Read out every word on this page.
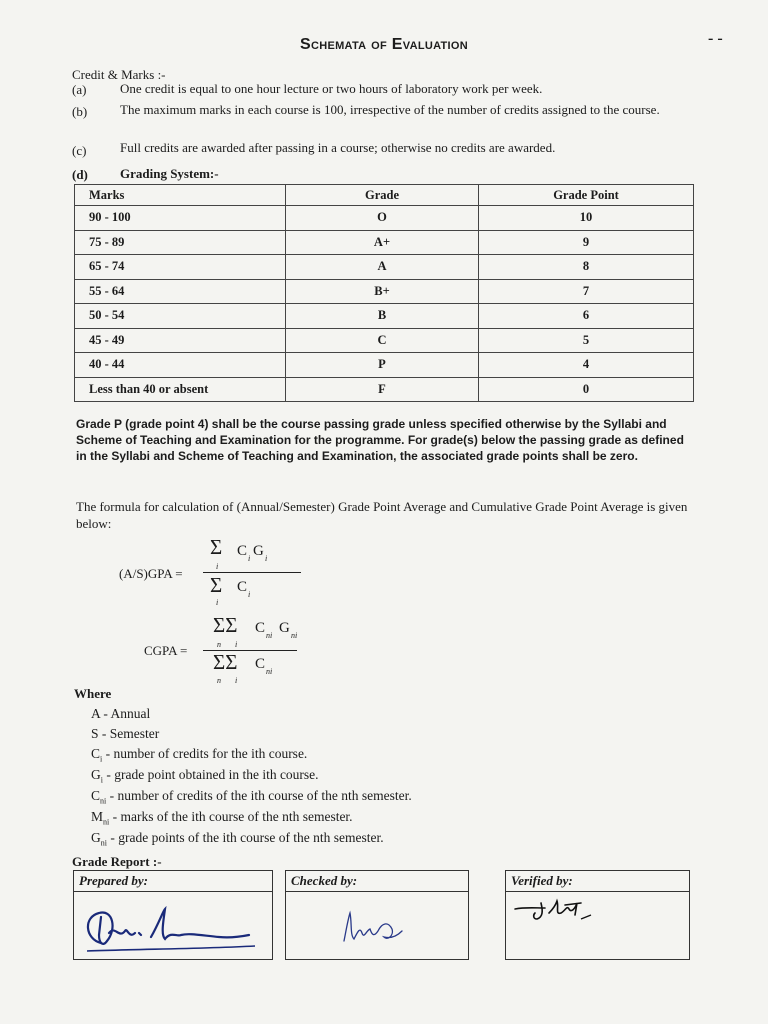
Schemata of Evaluation	- -
Credit & Marks :-
(a)	One credit is equal to one hour lecture or two hours of laboratory work per week.
(b)	The maximum marks in each course is 100, irrespective of the number of credits assigned to the course.
(c)	Full credits are awarded after passing in a course; otherwise no credits are awarded.
(d) Grading System:-
Marks	Grade	Grade Point
90 - 100	O	10
75 - 89	A+	9
65 - 74	A	8
55 - 64	B+	7
50 - 54	B	6
45 - 49	C	5
40 - 44	P	4
Less than 40 or absent	F	0
Grade P (grade point 4) shall be the course passing grade unless specified otherwise by the Syllabi and Scheme of Teaching and Examination for the programme. For grade(s) below the passing grade as defined in the Syllabi and Scheme of Teaching and Examination, the associated grade points shall be zero.
The formula for calculation of (Annual/Semester) Grade Point Average and Cumulative Grade Point Average is given below:
(A/S)GPA =
Σ
i
C i G i
Σ
i
C i
CGPA =
ΣΣ
n i
C ni G ni
ΣΣ
n i
C ni
Where
A - Annual
S - Semester
$C_i$ - number of credits for the ith course.
$G_i$ - grade point obtained in the ith course.
$C_{ni}$ - number of credits of the ith course of the nth semester.
$M_{ni}$ - marks of the ith course of the nth semester.
$G_{ni}$ - grade points of the ith course of the nth semester.
Grade Report :-
Prepared by:	Checked by:	Verified by:
